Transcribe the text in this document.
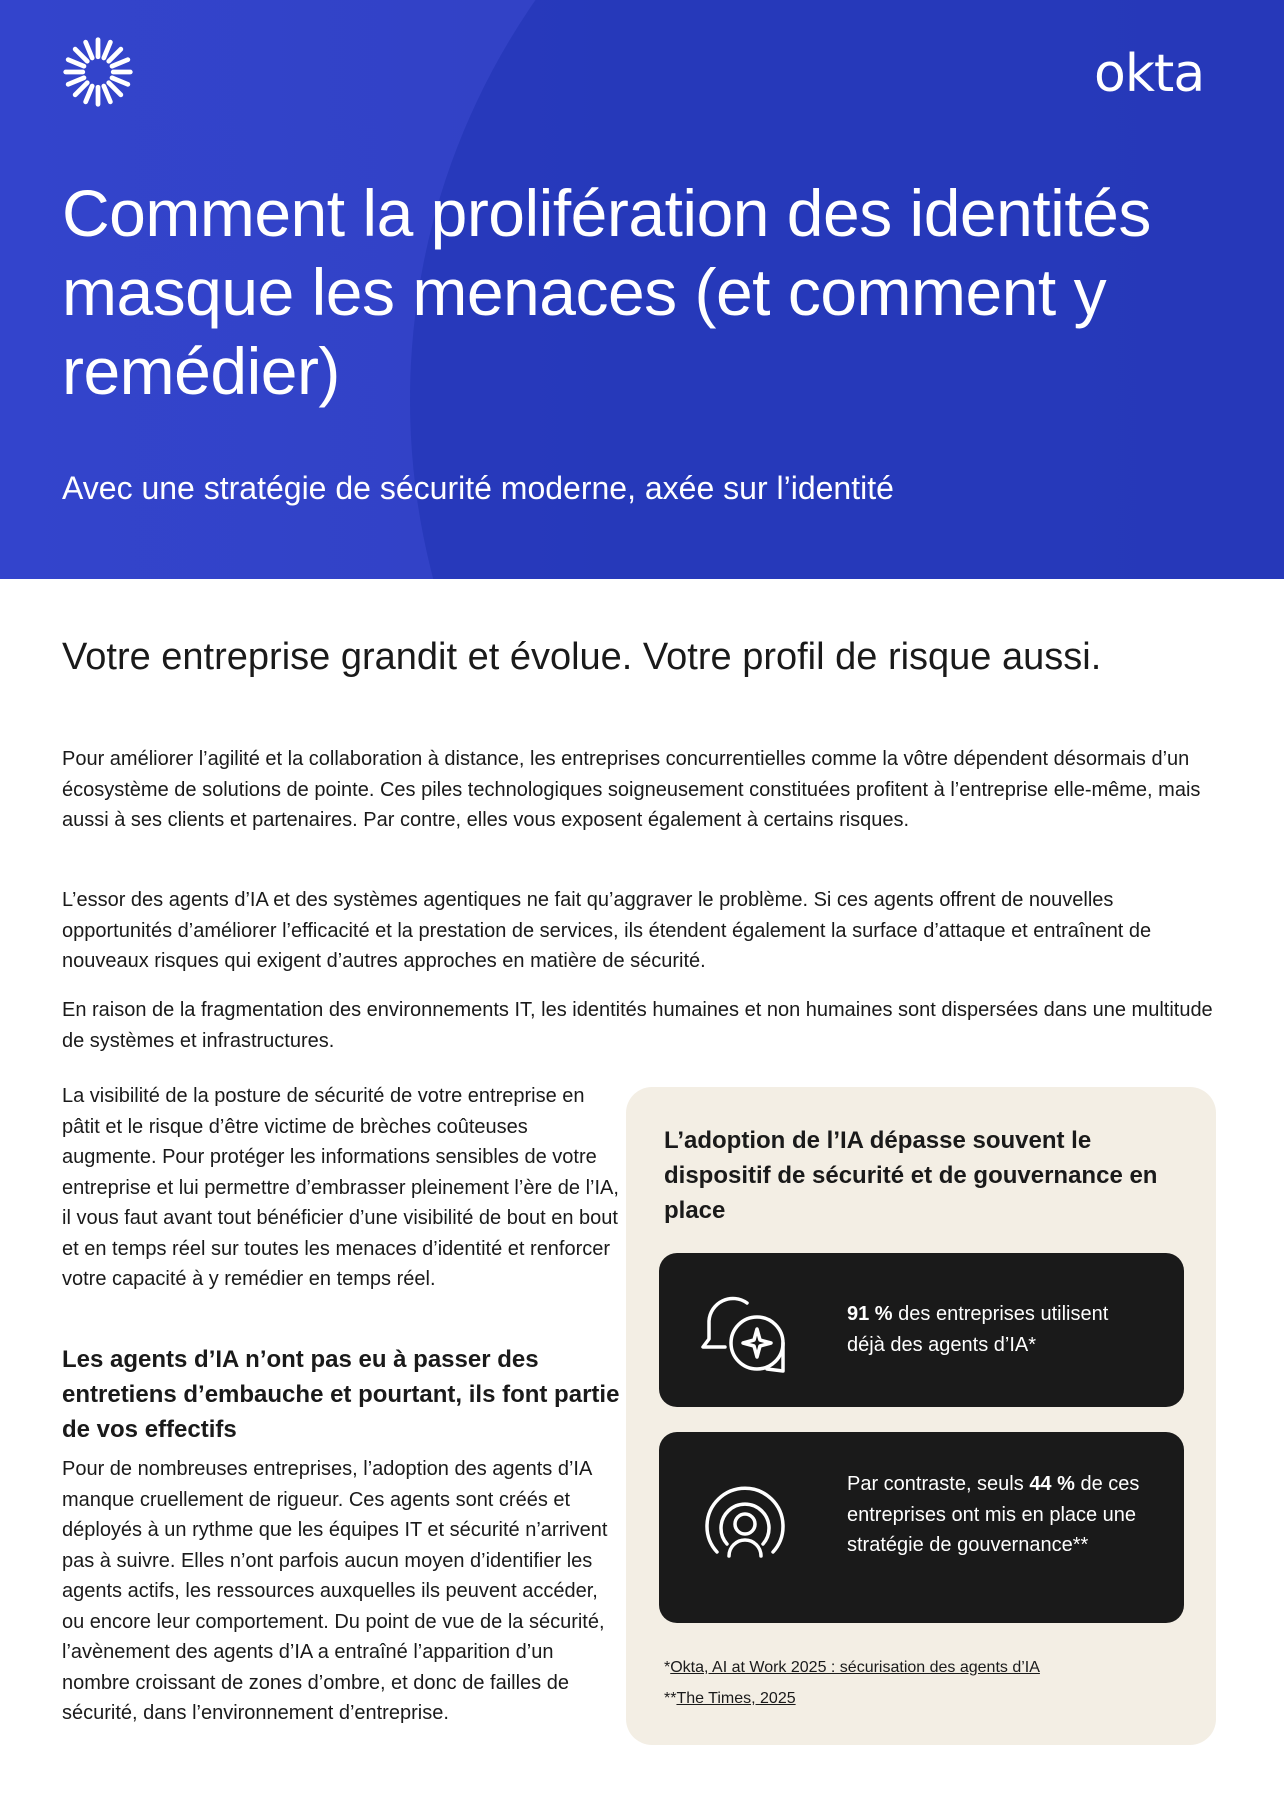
okta
Comment la prolifération des identités masque les menaces (et comment y remédier)
Avec une stratégie de sécurité moderne, axée sur l’identité
Votre entreprise grandit et évolue. Votre profil de risque aussi.

Pour améliorer l’agilité et la collaboration à distance, les entreprises concurrentielles comme la vôtre dépendent désormais d’un écosystème de solutions de pointe. Ces piles technologiques soigneusement constituées profitent à l’entreprise elle-même, mais aussi à ses clients et partenaires. Par contre, elles vous exposent également à certains risques.

L’essor des agents d’IA et des systèmes agentiques ne fait qu’aggraver le problème. Si ces agents offrent de nouvelles opportunités d’améliorer l’efficacité et la prestation de services, ils étendent également la surface d’attaque et entraînent de nouveaux risques qui exigent d’autres approches en matière de sécurité.

En raison de la fragmentation des environnements IT, les identités humaines et non humaines sont dispersées dans une multitude de systèmes et infrastructures.

La visibilité de la posture de sécurité de votre entreprise en pâtit et le risque d’être victime de brèches coûteuses augmente. Pour protéger les informations sensibles de votre entreprise et lui permettre d’embrasser pleinement l’ère de l’IA, il vous faut avant tout bénéficier d’une visibilité de bout en bout et en temps réel sur toutes les menaces d’identité et renforcer votre capacité à y remédier en temps réel.

Les agents d’IA n’ont pas eu à passer des entretiens d’embauche et pourtant, ils font partie de vos effectifs

Pour de nombreuses entreprises, l’adoption des agents d’IA manque cruellement de rigueur. Ces agents sont créés et déployés à un rythme que les équipes IT et sécurité n’arrivent pas à suivre. Elles n’ont parfois aucun moyen d’identifier les agents actifs, les ressources auxquelles ils peuvent accéder, ou encore leur comportement. Du point de vue de la sécurité, l’avènement des agents d’IA a entraîné l’apparition d’un nombre croissant de zones d’ombre, et donc de failles de sécurité, dans l’environnement d’entreprise.

L’adoption de l’IA dépasse souvent le dispositif de sécurité et de gouvernance en place

91 % des entreprises utilisent déjà des agents d’IA*

Par contraste, seuls 44 % de ces entreprises ont mis en place une stratégie de gouvernance**

*Okta, AI at Work 2025 : sécurisation des agents d’IA
**The Times, 2025
